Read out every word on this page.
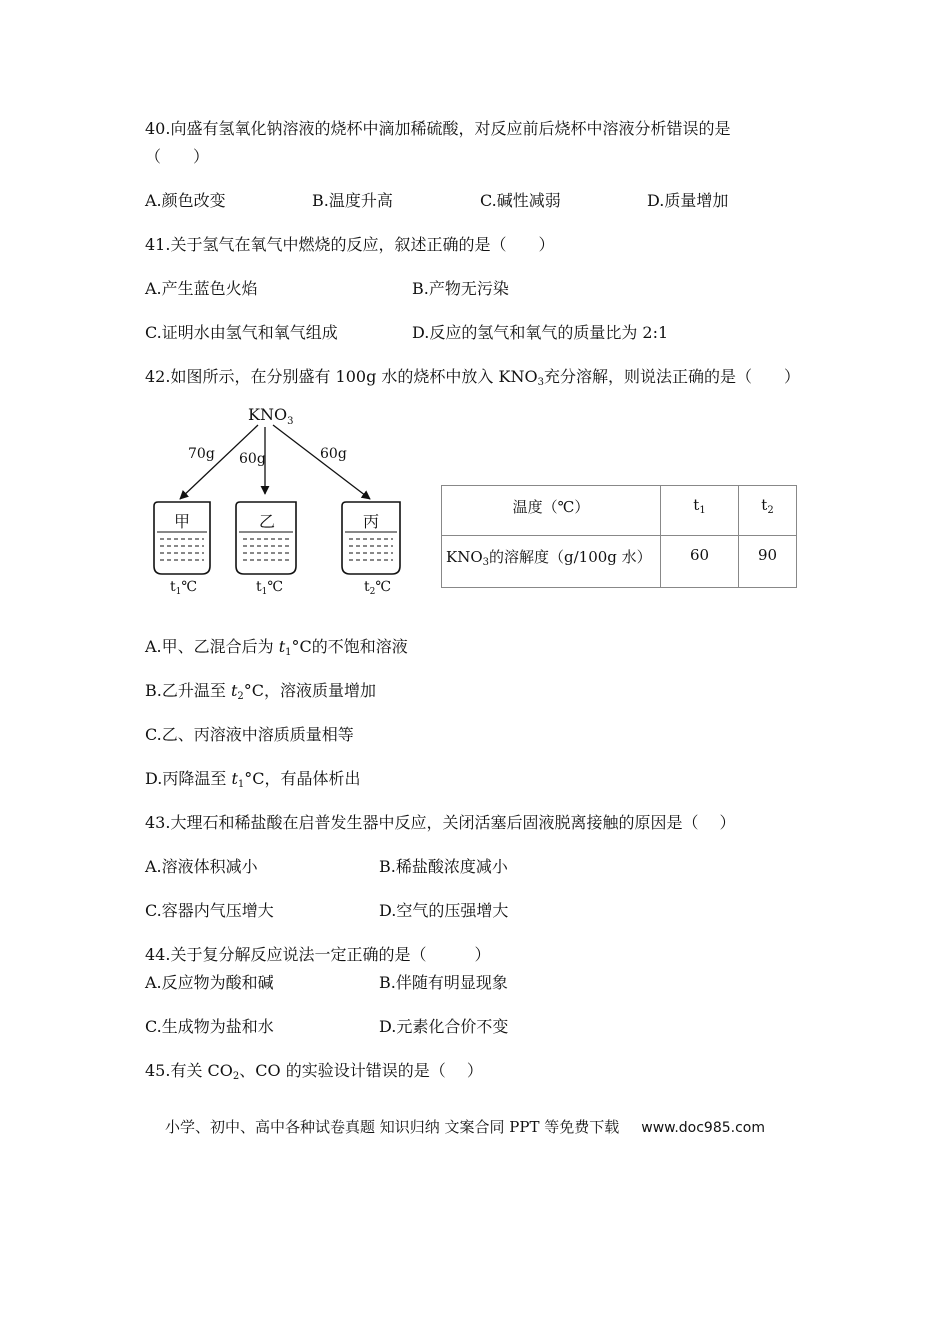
40.向盛有氢氧化钠溶液的烧杯中滴加稀硫酸，对反应前后烧杯中溶液分析错误的是
（　　）
A.颜色改变	B.温度升高	C.碱性减弱	D.质量增加
41.关于氢气在氧气中燃烧的反应，叙述正确的是（　　）
A.产生蓝色火焰	B.产物无污染
C.证明水由氢气和氧气组成	D.反应的氢气和氧气的质量比为 2:1
42.如图所示，在分别盛有 100g 水的烧杯中放入 $KNO_3$充分溶解，则说法正确的是（　　）
$KNO_3$
70g 60g	60g
甲
$t_1℃$
乙
$t_1℃$
丙
$t_2℃$
温度（℃）	$t_1$	$t_2$
$KNO_3$的溶解度（g/100g 水）	60	90
A.甲、乙混合后为 $t_1^\circ C$的不饱和溶液
B.乙升温至 $t_2^\circ C$，溶液质量增加
C.乙、丙溶液中溶质质量相等
D.丙降温至 $t_1^\circ C$，有晶体析出
43.大理石和稀盐酸在启普发生器中反应，关闭活塞后固液脱离接触的原因是（　 ）
A.溶液体积减小	B.稀盐酸浓度减小
C.容器内气压增大	D.空气的压强增大
44.关于复分解反应说法一定正确的是（　　　）
A.反应物为酸和碱	B.伴随有明显现象
C.生成物为盐和水	D.元素化合价不变
45.有关 $CO_2$、CO 的实验设计错误的是（　 ）
小学、初中、高中各种试卷真题 知识归纳 文案合同 PPT 等免费下载 www.doc985.com
